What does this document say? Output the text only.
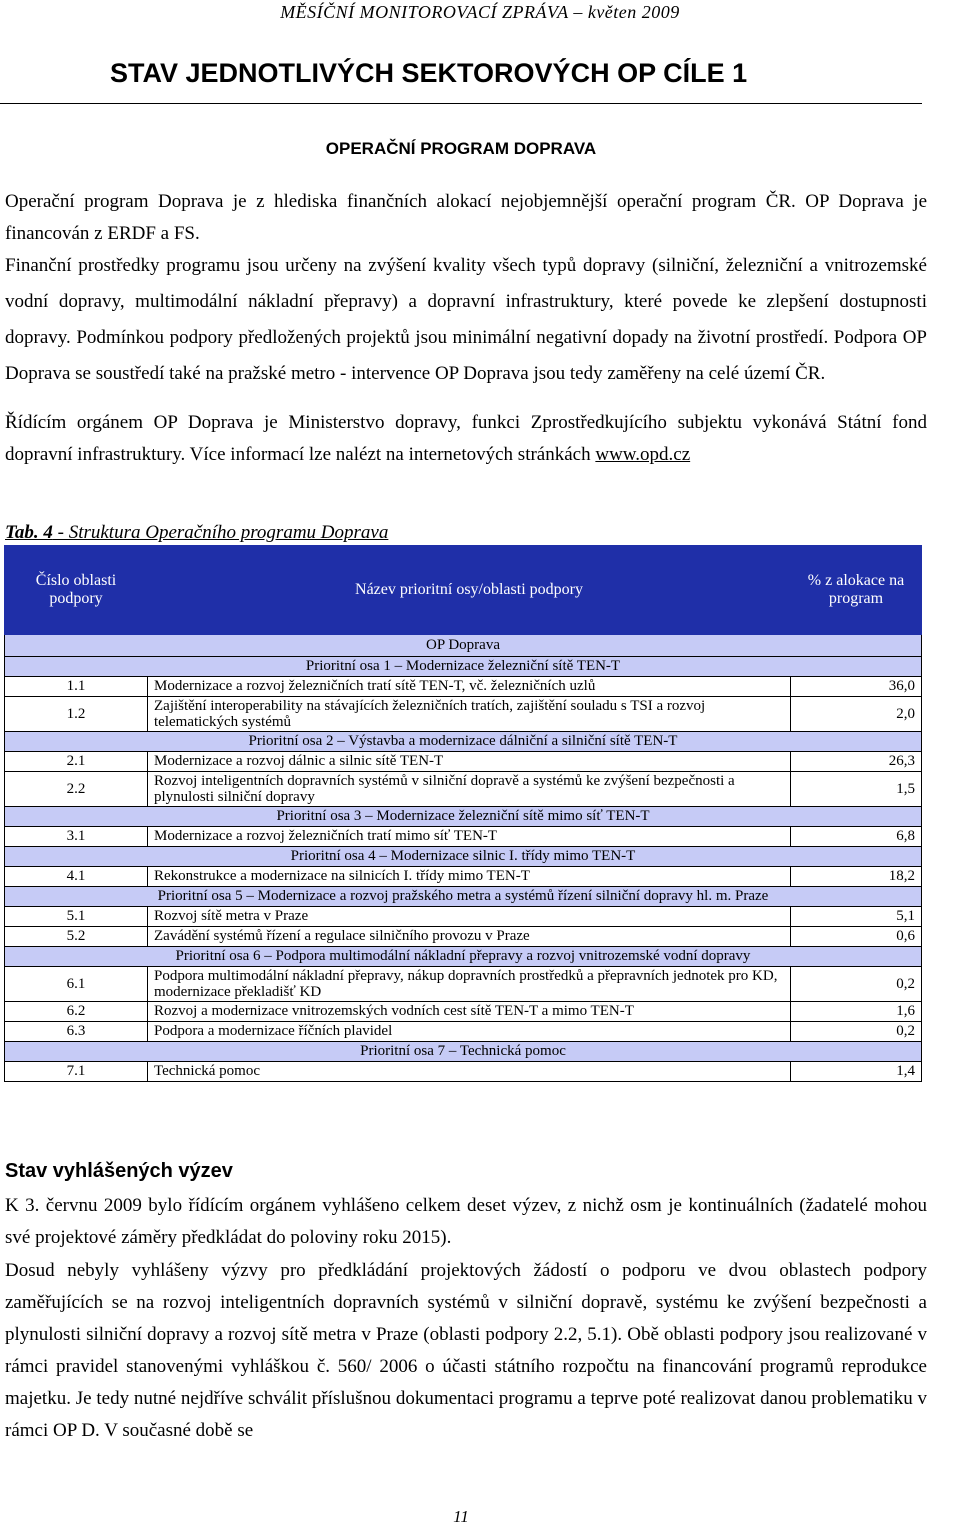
MĚSÍČNÍ MONITOROVACÍ ZPRÁVA – květen 2009
STAV JEDNOTLIVÝCH SEKTOROVÝCH OP CÍLE 1
OPERAČNÍ PROGRAM DOPRAVA

Operační program Doprava je z hlediska finančních alokací nejobjemnější operační program ČR. OP Doprava je financován z ERDF a FS.

Finanční prostředky programu jsou určeny na zvýšení kvality všech typů dopravy (silniční, železniční a vnitrozemské vodní dopravy, multimodální nákladní přepravy) a dopravní infrastruktury, které povede ke zlepšení dostupnosti dopravy. Podmínkou podpory předložených projektů jsou minimální negativní dopady na životní prostředí. Podpora OP Doprava se soustředí také na pražské metro - intervence OP Doprava jsou tedy zaměřeny na celé území ČR.

Řídícím orgánem OP Doprava je Ministerstvo dopravy, funkci Zprostředkujícího subjektu vykonává Státní fond dopravní infrastruktury. Více informací lze nalézt na internetových stránkách www.opd.cz

Tab. 4 - Struktura Operačního programu Doprava
Číslo oblasti podpory	Název prioritní osy/oblasti podpory	% z alokace na program
OP Doprava		
Prioritní osa 1 – Modernizace železniční sítě TEN-T		
1.1	Modernizace a rozvoj železničních tratí sítě TEN-T, vč. železničních uzlů	36,0
1.2	Zajištění interoperability na stávajících železničních tratích, zajištění souladu s TSI a rozvoj telematických systémů	2,0
Prioritní osa 2 – Výstavba a modernizace dálniční a silniční sítě TEN-T		
2.1	Modernizace a rozvoj dálnic a silnic sítě TEN-T	26,3
2.2	Rozvoj inteligentních dopravních systémů v silniční dopravě a systémů ke zvýšení bezpečnosti a plynulosti silniční dopravy	1,5
Prioritní osa 3 – Modernizace železniční sítě mimo síť TEN-T		
3.1	Modernizace a rozvoj železničních tratí mimo síť TEN-T	6,8
Prioritní osa 4 – Modernizace silnic I. třídy mimo TEN-T		
4.1	Rekonstrukce a modernizace na silnicích I. třídy mimo TEN-T	18,2
Prioritní osa 5 – Modernizace a rozvoj pražského metra a systémů řízení silniční dopravy hl. m. Praze		
5.1	Rozvoj sítě metra v Praze	5,1
5.2	Zavádění systémů řízení a regulace silničního provozu v Praze	0,6
Prioritní osa 6 – Podpora multimodální nákladní přepravy a rozvoj vnitrozemské vodní dopravy		
6.1	Podpora multimodální nákladní přepravy, nákup dopravních prostředků a přepravních jednotek pro KD, modernizace překladišť KD	0,2
6.2	Rozvoj a modernizace vnitrozemských vodních cest sítě TEN-T a mimo TEN-T	1,6
6.3	Podpora a modernizace říčních plavidel	0,2
Prioritní osa 7 – Technická pomoc		
7.1	Technická pomoc	1,4
Stav vyhlášených výzev

K 3. červnu 2009 bylo řídícím orgánem vyhlášeno celkem deset výzev, z nichž osm je kontinuálních (žadatelé mohou své projektové záměry předkládat do poloviny roku 2015).

Dosud nebyly vyhlášeny výzvy pro předkládání projektových žádostí o podporu ve dvou oblastech podpory zaměřujících se na rozvoj inteligentních dopravních systémů v silniční dopravě, systému ke zvýšení bezpečnosti a plynulosti silniční dopravy a rozvoj sítě metra v Praze (oblasti podpory 2.2, 5.1). Obě oblasti podpory jsou realizované v rámci pravidel stanovenými vyhláškou č. 560/ 2006 o účasti státního rozpočtu na financování programů reprodukce majetku. Je tedy nutné nejdříve schválit příslušnou dokumentaci programu a teprve poté realizovat danou problematiku v rámci OP D. V současné době se

11
